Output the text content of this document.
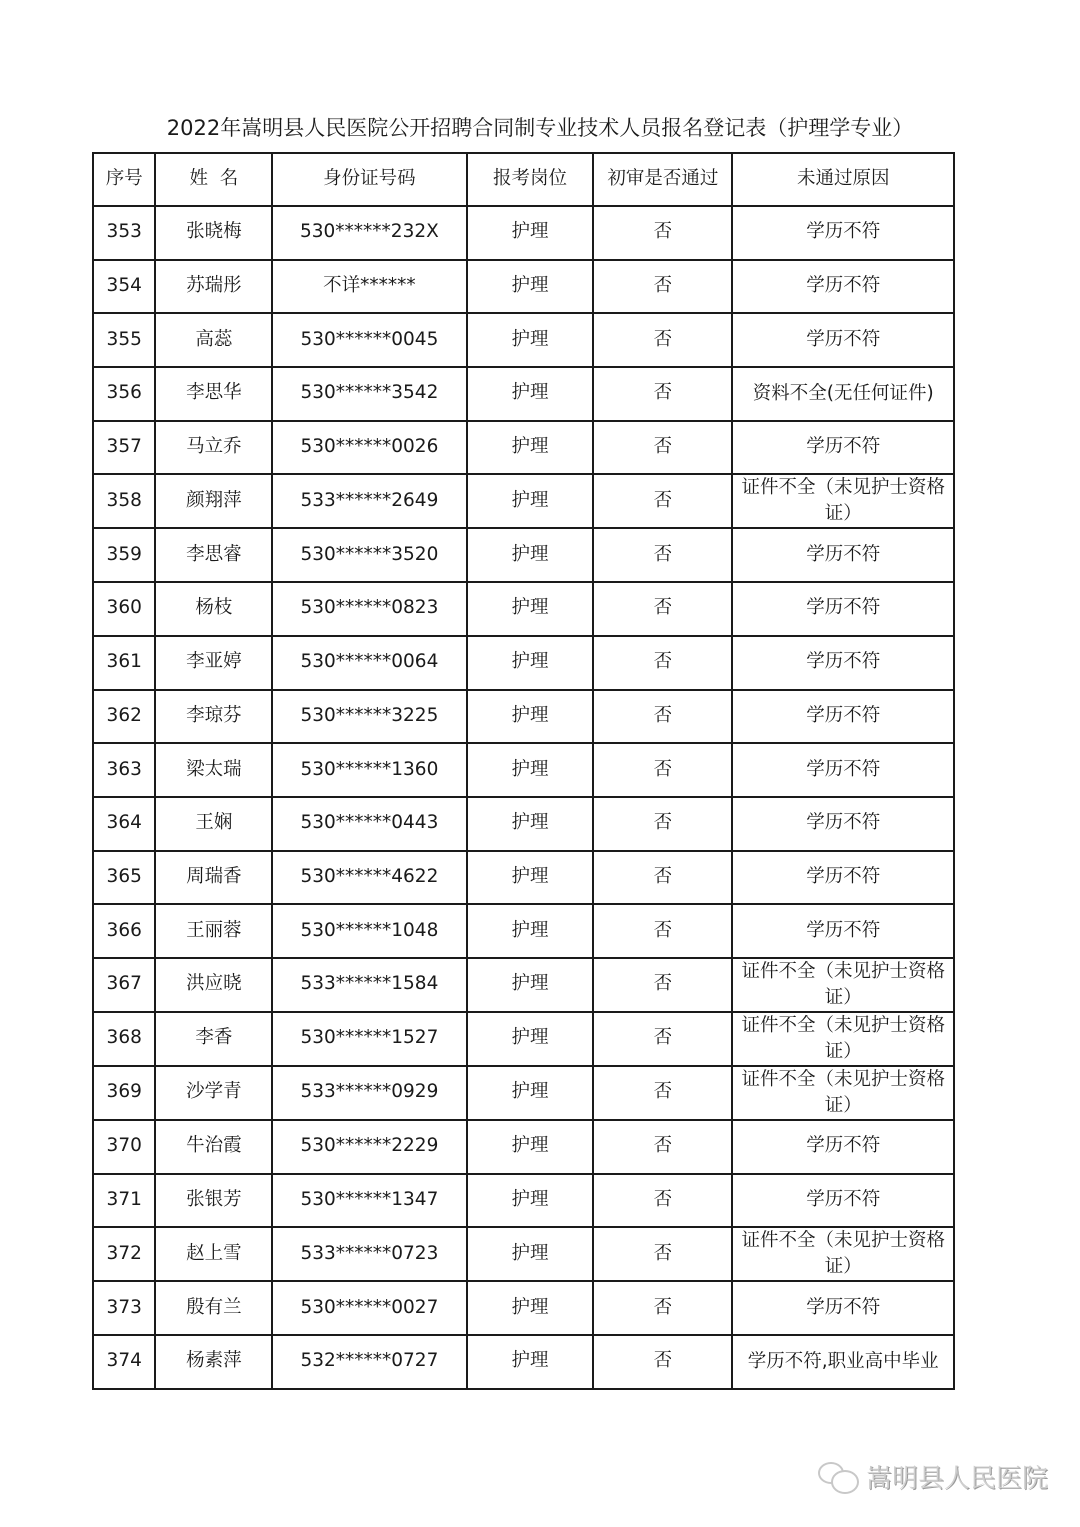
2022年嵩明县人民医院公开招聘合同制专业技术人员报名登记表（护理学专业）
序号	姓  名	身份证号码	报考岗位	初审是否通过	未通过原因
353	张晓梅	530******232X	护理	否	学历不符
354	苏瑞彤	不详******	护理	否	学历不符
355	高蕊	530******0045	护理	否	学历不符
356	李思华	530******3542	护理	否	资料不全(无任何证件)
357	马立乔	530******0026	护理	否	学历不符
358	颜翔萍	533******2649	护理	否	证件不全（未见护士资格证）
359	李思睿	530******3520	护理	否	学历不符
360	杨枝	530******0823	护理	否	学历不符
361	李亚婷	530******0064	护理	否	学历不符
362	李琼芬	530******3225	护理	否	学历不符
363	梁太瑞	530******1360	护理	否	学历不符
364	王娴	530******0443	护理	否	学历不符
365	周瑞香	530******4622	护理	否	学历不符
366	王丽蓉	530******1048	护理	否	学历不符
367	洪应晓	533******1584	护理	否	证件不全（未见护士资格证）
368	李香	530******1527	护理	否	证件不全（未见护士资格证）
369	沙学青	533******0929	护理	否	证件不全（未见护士资格证）
370	牛治霞	530******2229	护理	否	学历不符
371	张银芳	530******1347	护理	否	学历不符
372	赵上雪	533******0723	护理	否	证件不全（未见护士资格证）
373	殷有兰	530******0027	护理	否	学历不符
374	杨素萍	532******0727	护理	否	学历不符,职业高中毕业
嵩明县人民医院
